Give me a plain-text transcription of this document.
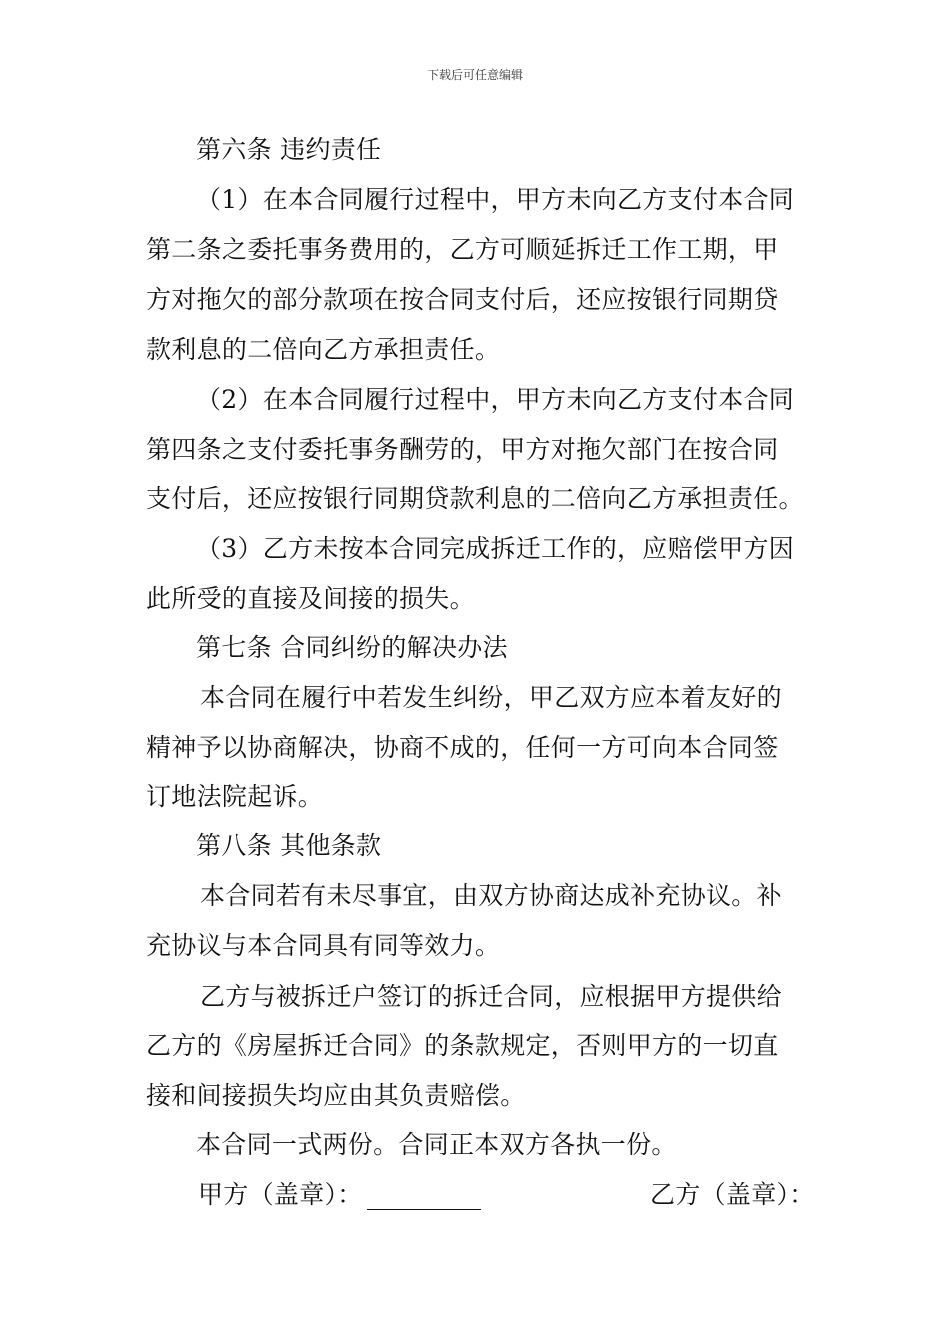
下载后可任意编辑
第六条 违约责任
（1）在本合同履行过程中，甲方未向乙方支付本合同
第二条之委托事务费用的，乙方可顺延拆迁工作工期，甲
方对拖欠的部分款项在按合同支付后，还应按银行同期贷
款利息的二倍向乙方承担责任。
（2）在本合同履行过程中，甲方未向乙方支付本合同
第四条之支付委托事务酬劳的，甲方对拖欠部门在按合同
支付后，还应按银行同期贷款利息的二倍向乙方承担责任。
（3）乙方未按本合同完成拆迁工作的，应赔偿甲方因
此所受的直接及间接的损失。
第七条 合同纠纷的解决办法
本合同在履行中若发生纠纷，甲乙双方应本着友好的
精神予以协商解决，协商不成的，任何一方可向本合同签
订地法院起诉。
第八条 其他条款
本合同若有未尽事宜，由双方协商达成补充协议。补
充协议与本合同具有同等效力。
乙方与被拆迁户签订的拆迁合同，应根据甲方提供给
乙方的《房屋拆迁合同》的条款规定，否则甲方的一切直
接和间接损失均应由其负责赔偿。
本合同一式两份。合同正本双方各执一份。
甲方（盖章）：	乙方（盖章）：
